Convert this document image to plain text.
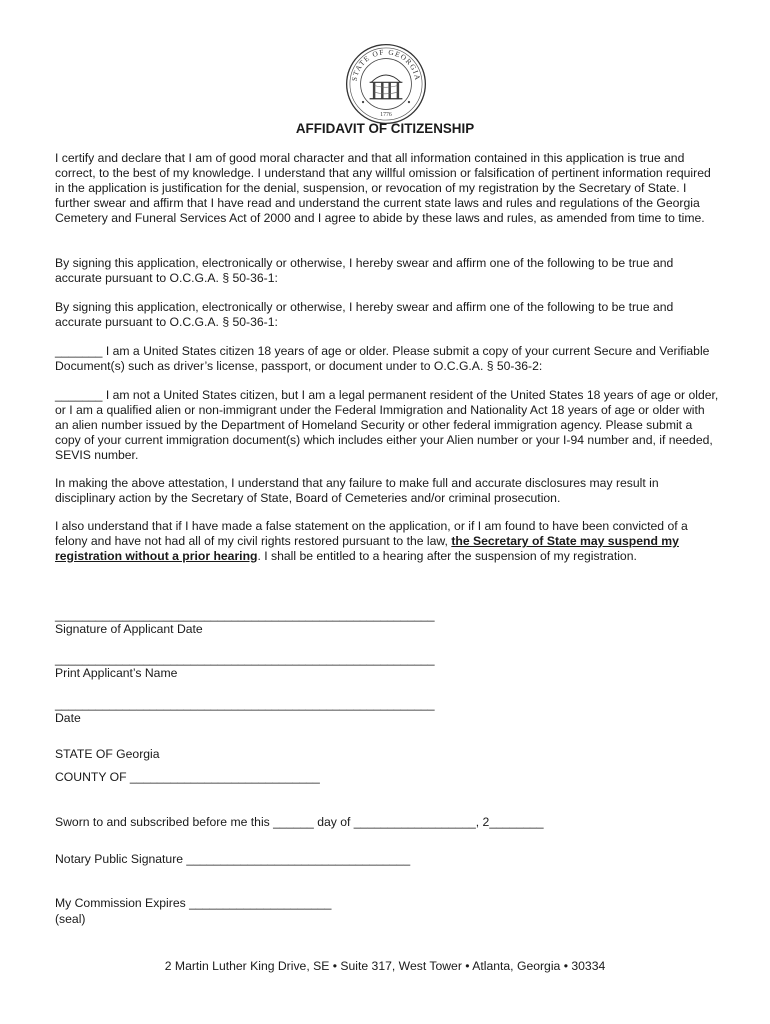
STATE OF GEORGIA
1776
AFFIDAVIT OF CITIZENSHIP

I certify and declare that I am of good moral character and that all information contained in this application is true and correct, to the best of my knowledge. I understand that any willful omission or falsification of pertinent information required in the application is justification for the denial, suspension, or revocation of my registration by the Secretary of State. I further swear and affirm that I have read and understand the current state laws and rules and regulations of the Georgia Cemetery and Funeral Services Act of 2000 and I agree to abide by these laws and rules, as amended from time to time.

By signing this application, electronically or otherwise, I hereby swear and affirm one of the following to be true and accurate pursuant to O.C.G.A. § 50-36-1:

By signing this application, electronically or otherwise, I hereby swear and affirm one of the following to be true and accurate pursuant to O.C.G.A. § 50-36-1:

_______ I am a United States citizen 18 years of age or older. Please submit a copy of your current Secure and Verifiable Document(s) such as driver’s license, passport, or document under to O.C.G.A. § 50-36-2:

_______ I am not a United States citizen, but I am a legal permanent resident of the United States 18 years of age or older, or I am a qualified alien or non-immigrant under the Federal Immigration and Nationality Act 18 years of age or older with an alien number issued by the Department of Homeland Security or other federal immigration agency. Please submit a copy of your current immigration document(s) which includes either your Alien number or your I-94 number and, if needed, SEVIS number.

In making the above attestation, I understand that any failure to make full and accurate disclosures may result in disciplinary action by the Secretary of State, Board of Cemeteries and/or criminal prosecution.

I also understand that if I have made a false statement on the application, or if I am found to have been convicted of a felony and have not had all of my civil rights restored pursuant to the law, the Secretary of State may suspend my registration without a prior hearing. I shall be entitled to a hearing after the suspension of my registration.

________________________________________________________
Signature of Applicant Date
________________________________________________________
Print Applicant’s Name
________________________________________________________
Date
STATE OF Georgia
COUNTY OF ____________________________
Sworn to and subscribed before me this ______ day of __________________, 2________
Notary Public Signature _________________________________
My Commission Expires _____________________
(seal)
2 Martin Luther King Drive, SE • Suite 317, West Tower • Atlanta, Georgia • 30334
